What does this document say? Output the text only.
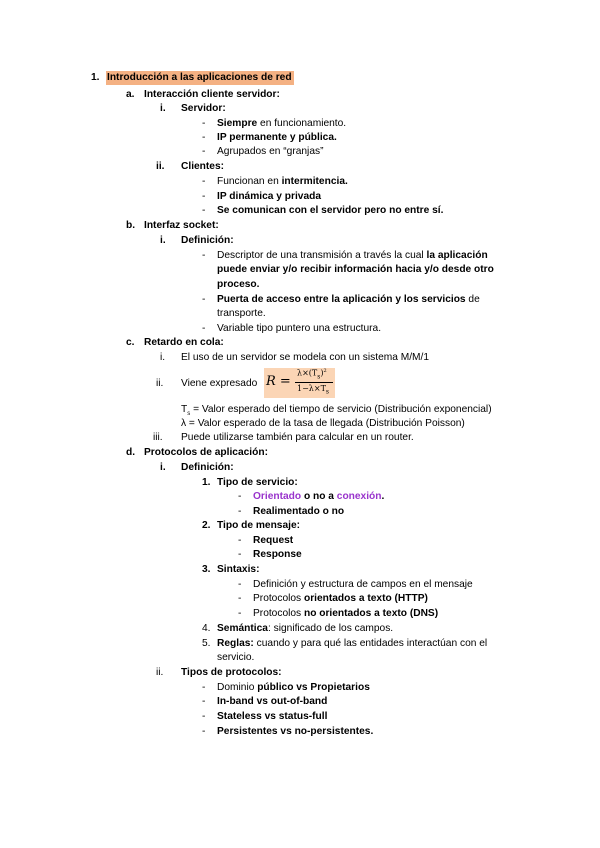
1. Introducción a las aplicaciones de red
a. Interacción cliente servidor:
i. Servidor:
- Siempre en funcionamiento.
- IP permanente y pública.
- Agrupados en “granjas”
ii. Clientes:
- Funcionan en intermitencia.
- IP dinámica y privada
- Se comunican con el servidor pero no entre sí.
b. Interfaz socket:
i. Definición:
- Descriptor de una transmisión a través la cual la aplicación
puede enviar y/o recibir información hacia y/o desde otro
proceso.
- Puerta de acceso entre la aplicación y los servicios de
transporte.
- Variable tipo puntero una estructura.
c. Retardo en cola:
i. El uso de un servidor se modela con un sistema M/M/1
ii. Viene expresado R =
$\lambda\times(T_s)^2$
$1-\lambda\times T_s$
$T_s$ = Valor esperado del tiempo de servicio (Distribución exponencial)
λ = Valor esperado de la tasa de llegada (Distribución Poisson)
iii. Puede utilizarse también para calcular en un router.
d. Protocolos de aplicación:
i. Definición:
1. Tipo de servicio:
- Orientado o no a conexión.
- Realimentado o no
2. Tipo de mensaje:
- Request
- Response
3. Sintaxis:
- Definición y estructura de campos en el mensaje
- Protocolos orientados a texto (HTTP)
- Protocolos no orientados a texto (DNS)
4. Semántica: significado de los campos.
5. Reglas: cuando y para qué las entidades interactúan con el
servicio.
ii. Tipos de protocolos:
- Dominio público vs Propietarios
- In-band vs out-of-band
- Stateless vs status-full
- Persistentes vs no-persistentes.
